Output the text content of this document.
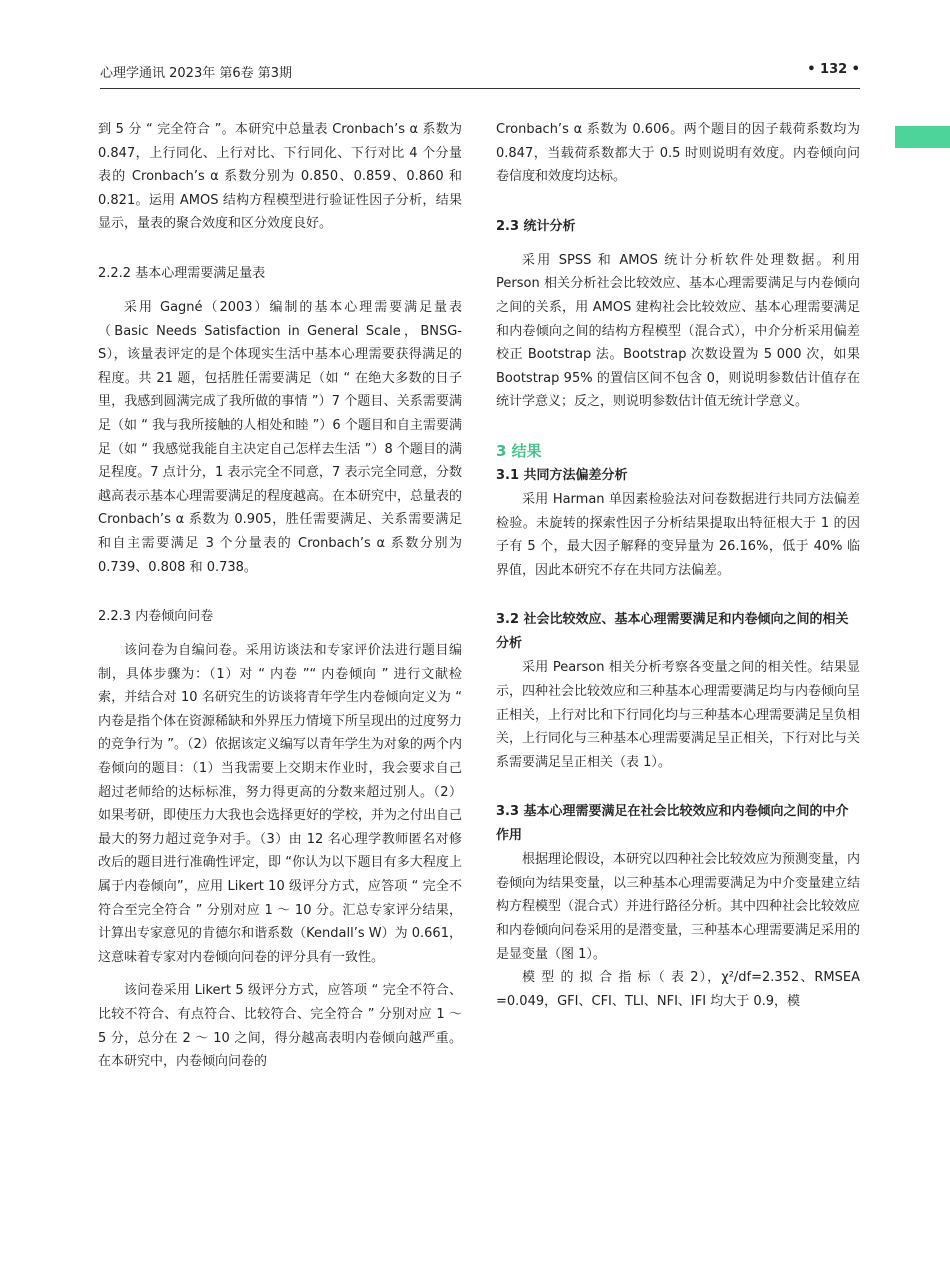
心理学通讯 2023年 第6卷 第3期	• 132 •

到 5 分 “ 完全符合 ”。本研究中总量表 Cronbach’s α 系数为 0.847，上行同化、上行对比、下行同化、下行对比 4 个分量表的 Cronbach’s α 系数分别为 0.850、0.859、0.860 和 0.821。运用 AMOS 结构方程模型进行验证性因子分析，结果显示，量表的聚合效度和区分效度良好。

2.2.2 基本心理需要满足量表

采用 Gagné（2003）编制的基本心理需要满足量表（Basic Needs Satisfaction in General Scale，BNSG-S），该量表评定的是个体现实生活中基本心理需要获得满足的程度。共 21 题，包括胜任需要满足（如 “ 在绝大多数的日子里，我感到圆满完成了我所做的事情 ”）7 个题目、关系需要满足（如 “ 我与我所接触的人相处和睦 ”）6 个题目和自主需要满足（如 “ 我感觉我能自主决定自己怎样去生活 ”）8 个题目的满足程度。7 点计分，1 表示完全不同意，7 表示完全同意，分数越高表示基本心理需要满足的程度越高。在本研究中，总量表的 Cronbach’s α 系数为 0.905，胜任需要满足、关系需要满足和自主需要满足 3 个分量表的 Cronbach’s α 系数分别为 0.739、0.808 和 0.738。

2.2.3 内卷倾向问卷

该问卷为自编问卷。采用访谈法和专家评价法进行题目编制，具体步骤为：（1）对 “ 内卷 ”“ 内卷倾向 ” 进行文献检索，并结合对 10 名研究生的访谈将青年学生内卷倾向定义为 “ 内卷是指个体在资源稀缺和外界压力情境下所呈现出的过度努力的竞争行为 ”。（2）依据该定义编写以青年学生为对象的两个内卷倾向的题目：（1）当我需要上交期末作业时，我会要求自己超过老师给的达标标准，努力得更高的分数来超过别人。（2）如果考研，即使压力大我也会选择更好的学校，并为之付出自己最大的努力超过竞争对手。（3）由 12 名心理学教师匿名对修改后的题目进行准确性评定，即 “你认为以下题目有多大程度上属于内卷倾向”，应用 Likert 10 级评分方式，应答项 “ 完全不符合至完全符合 ” 分别对应 1 ～ 10 分。汇总专家评分结果，计算出专家意见的肯德尔和谐系数（Kendall’s W）为 0.661，这意味着专家对内卷倾向问卷的评分具有一致性。

该问卷采用 Likert 5 级评分方式，应答项 “ 完全不符合、比较不符合、有点符合、比较符合、完全符合 ” 分别对应 1 ～ 5 分，总分在 2 ～ 10 之间，得分越高表明内卷倾向越严重。在本研究中，内卷倾向问卷的

Cronbach’s α 系数为 0.606。两个题目的因子载荷系数均为 0.847，当载荷系数都大于 0.5 时则说明有效度。内卷倾向问卷信度和效度均达标。

2.3 统计分析

采用 SPSS 和 AMOS 统计分析软件处理数据。利用 Person 相关分析社会比较效应、基本心理需要满足与内卷倾向之间的关系，用 AMOS 建构社会比较效应、基本心理需要满足和内卷倾向之间的结构方程模型（混合式），中介分析采用偏差校正 Bootstrap 法。Bootstrap 次数设置为 5 000 次，如果 Bootstrap 95% 的置信区间不包含 0，则说明参数估计值存在统计学意义；反之，则说明参数估计值无统计学意义。

3 结果
3.1 共同方法偏差分析

采用 Harman 单因素检验法对问卷数据进行共同方法偏差检验。未旋转的探索性因子分析结果提取出特征根大于 1 的因子有 5 个，最大因子解释的变异量为 26.16%，低于 40% 临界值，因此本研究不存在共同方法偏差。

3.2 社会比较效应、基本心理需要满足和内卷倾向之间的相关分析

采用 Pearson 相关分析考察各变量之间的相关性。结果显示，四种社会比较效应和三种基本心理需要满足均与内卷倾向呈正相关，上行对比和下行同化均与三种基本心理需要满足呈负相关，上行同化与三种基本心理需要满足呈正相关，下行对比与关系需要满足呈正相关（表 1）。

3.3 基本心理需要满足在社会比较效应和内卷倾向之间的中介作用

根据理论假设，本研究以四种社会比较效应为预测变量，内卷倾向为结果变量，以三种基本心理需要满足为中介变量建立结构方程模型（混合式）并进行路径分析。其中四种社会比较效应和内卷倾向问卷采用的是潜变量，三种基本心理需要满足采用的是显变量（图 1）。

模 型 的 拟 合 指 标（ 表 2），χ²/df=2.352、RMSEA =0.049，GFI、CFI、TLI、NFI、IFI 均大于 0.9，模
